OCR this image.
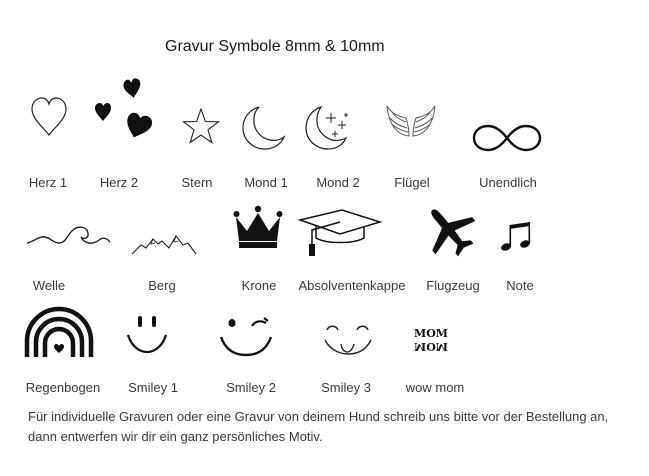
Gravur Symbole 8mm & 10mm
Herz 1	Herz 2	Stern Mond 1 Mond 2	Flügel	Unendlich
Welle	Berg	Krone Absolventenkappe Flugzeug Note
Regenbogen Smiley 1	Smiley 2	Smiley 3
MOM
MOM
wow mom
Für individuelle Gravuren oder eine Gravur von deinem Hund schreib uns bitte vor der Bestellung an, dann entwerfen wir dir ein ganz persönliches Motiv.
